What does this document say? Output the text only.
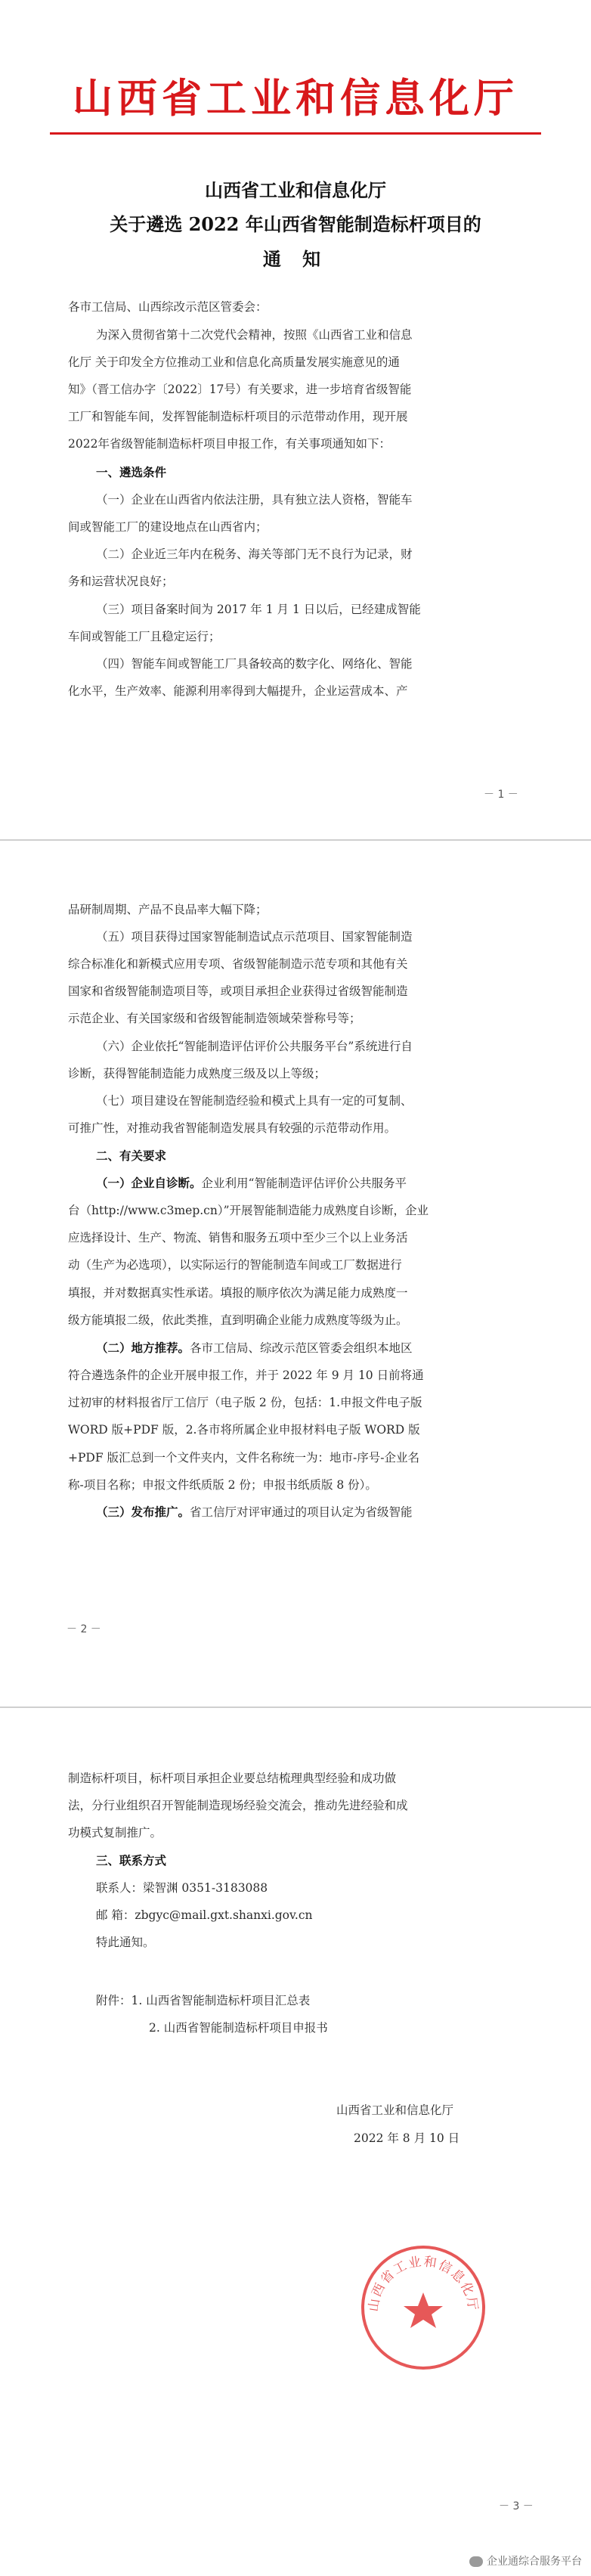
山西省工业和信息化厅
山西省工业和信息化厅
关于遴选 2022 年山西省智能制造标杆项目的
通 知
各市工信局、山西综改示范区管委会：
为深入贯彻省第十二次党代会精神，按照《山西省工业和信息
化厅 关于印发全方位推动工业和信息化高质量发展实施意见的通
知》（晋工信办字〔2022〕17号）有关要求，进一步培育省级智能
工厂和智能车间，发挥智能制造标杆项目的示范带动作用，现开展
2022年省级智能制造标杆项目申报工作，有关事项通知如下：
一、遴选条件
（一）企业在山西省内依法注册，具有独立法人资格，智能车
间或智能工厂的建设地点在山西省内；
（二）企业近三年内在税务、海关等部门无不良行为记录，财
务和运营状况良好；
（三）项目备案时间为 2017 年 1 月 1 日以后，已经建成智能
车间或智能工厂且稳定运行；
（四）智能车间或智能工厂具备较高的数字化、网络化、智能
化水平，生产效率、能源利用率得到大幅提升，企业运营成本、产
－ 1 －
品研制周期、产品不良品率大幅下降；
（五）项目获得过国家智能制造试点示范项目、国家智能制造
综合标准化和新模式应用专项、省级智能制造示范专项和其他有关
国家和省级智能制造项目等，或项目承担企业获得过省级智能制造
示范企业、有关国家级和省级智能制造领域荣誉称号等；
（六）企业依托“智能制造评估评价公共服务平台”系统进行自
诊断，获得智能制造能力成熟度三级及以上等级；
（七）项目建设在智能制造经验和模式上具有一定的可复制、
可推广性，对推动我省智能制造发展具有较强的示范带动作用。
二、有关要求
（一）企业自诊断。企业利用“智能制造评估评价公共服务平
台（http://www.c3mep.cn）”开展智能制造能力成熟度自诊断，企业
应选择设计、生产、物流、销售和服务五项中至少三个以上业务活
动（生产为必选项），以实际运行的智能制造车间或工厂数据进行
填报，并对数据真实性承诺。填报的顺序依次为满足能力成熟度一
级方能填报二级，依此类推，直到明确企业能力成熟度等级为止。
（二）地方推荐。各市工信局、综改示范区管委会组织本地区
符合遴选条件的企业开展申报工作，并于 2022 年 9 月 10 日前将通
过初审的材料报省厅工信厅（电子版 2 份，包括：1.申报文件电子版
WORD 版+PDF 版，2.各市将所属企业申报材料电子版 WORD 版
+PDF 版汇总到一个文件夹内，文件名称统一为：地市-序号-企业名
称-项目名称；申报文件纸质版 2 份；申报书纸质版 8 份）。
（三）发布推广。省工信厅对评审通过的项目认定为省级智能
－ 2 －
制造标杆项目，标杆项目承担企业要总结梳理典型经验和成功做
法，分行业组织召开智能制造现场经验交流会，推动先进经验和成
功模式复制推广。
三、联系方式
联系人：梁智渊 0351-3183088
邮 箱：zbgyc@mail.gxt.shanxi.gov.cn
特此通知。
附件：1. 山西省智能制造标杆项目汇总表
2. 山西省智能制造标杆项目申报书
山西省工业和信息化厅
2022 年 8 月 10 日
－ 3 －
企业通综合服务平台
山西省工业和信息化厅
